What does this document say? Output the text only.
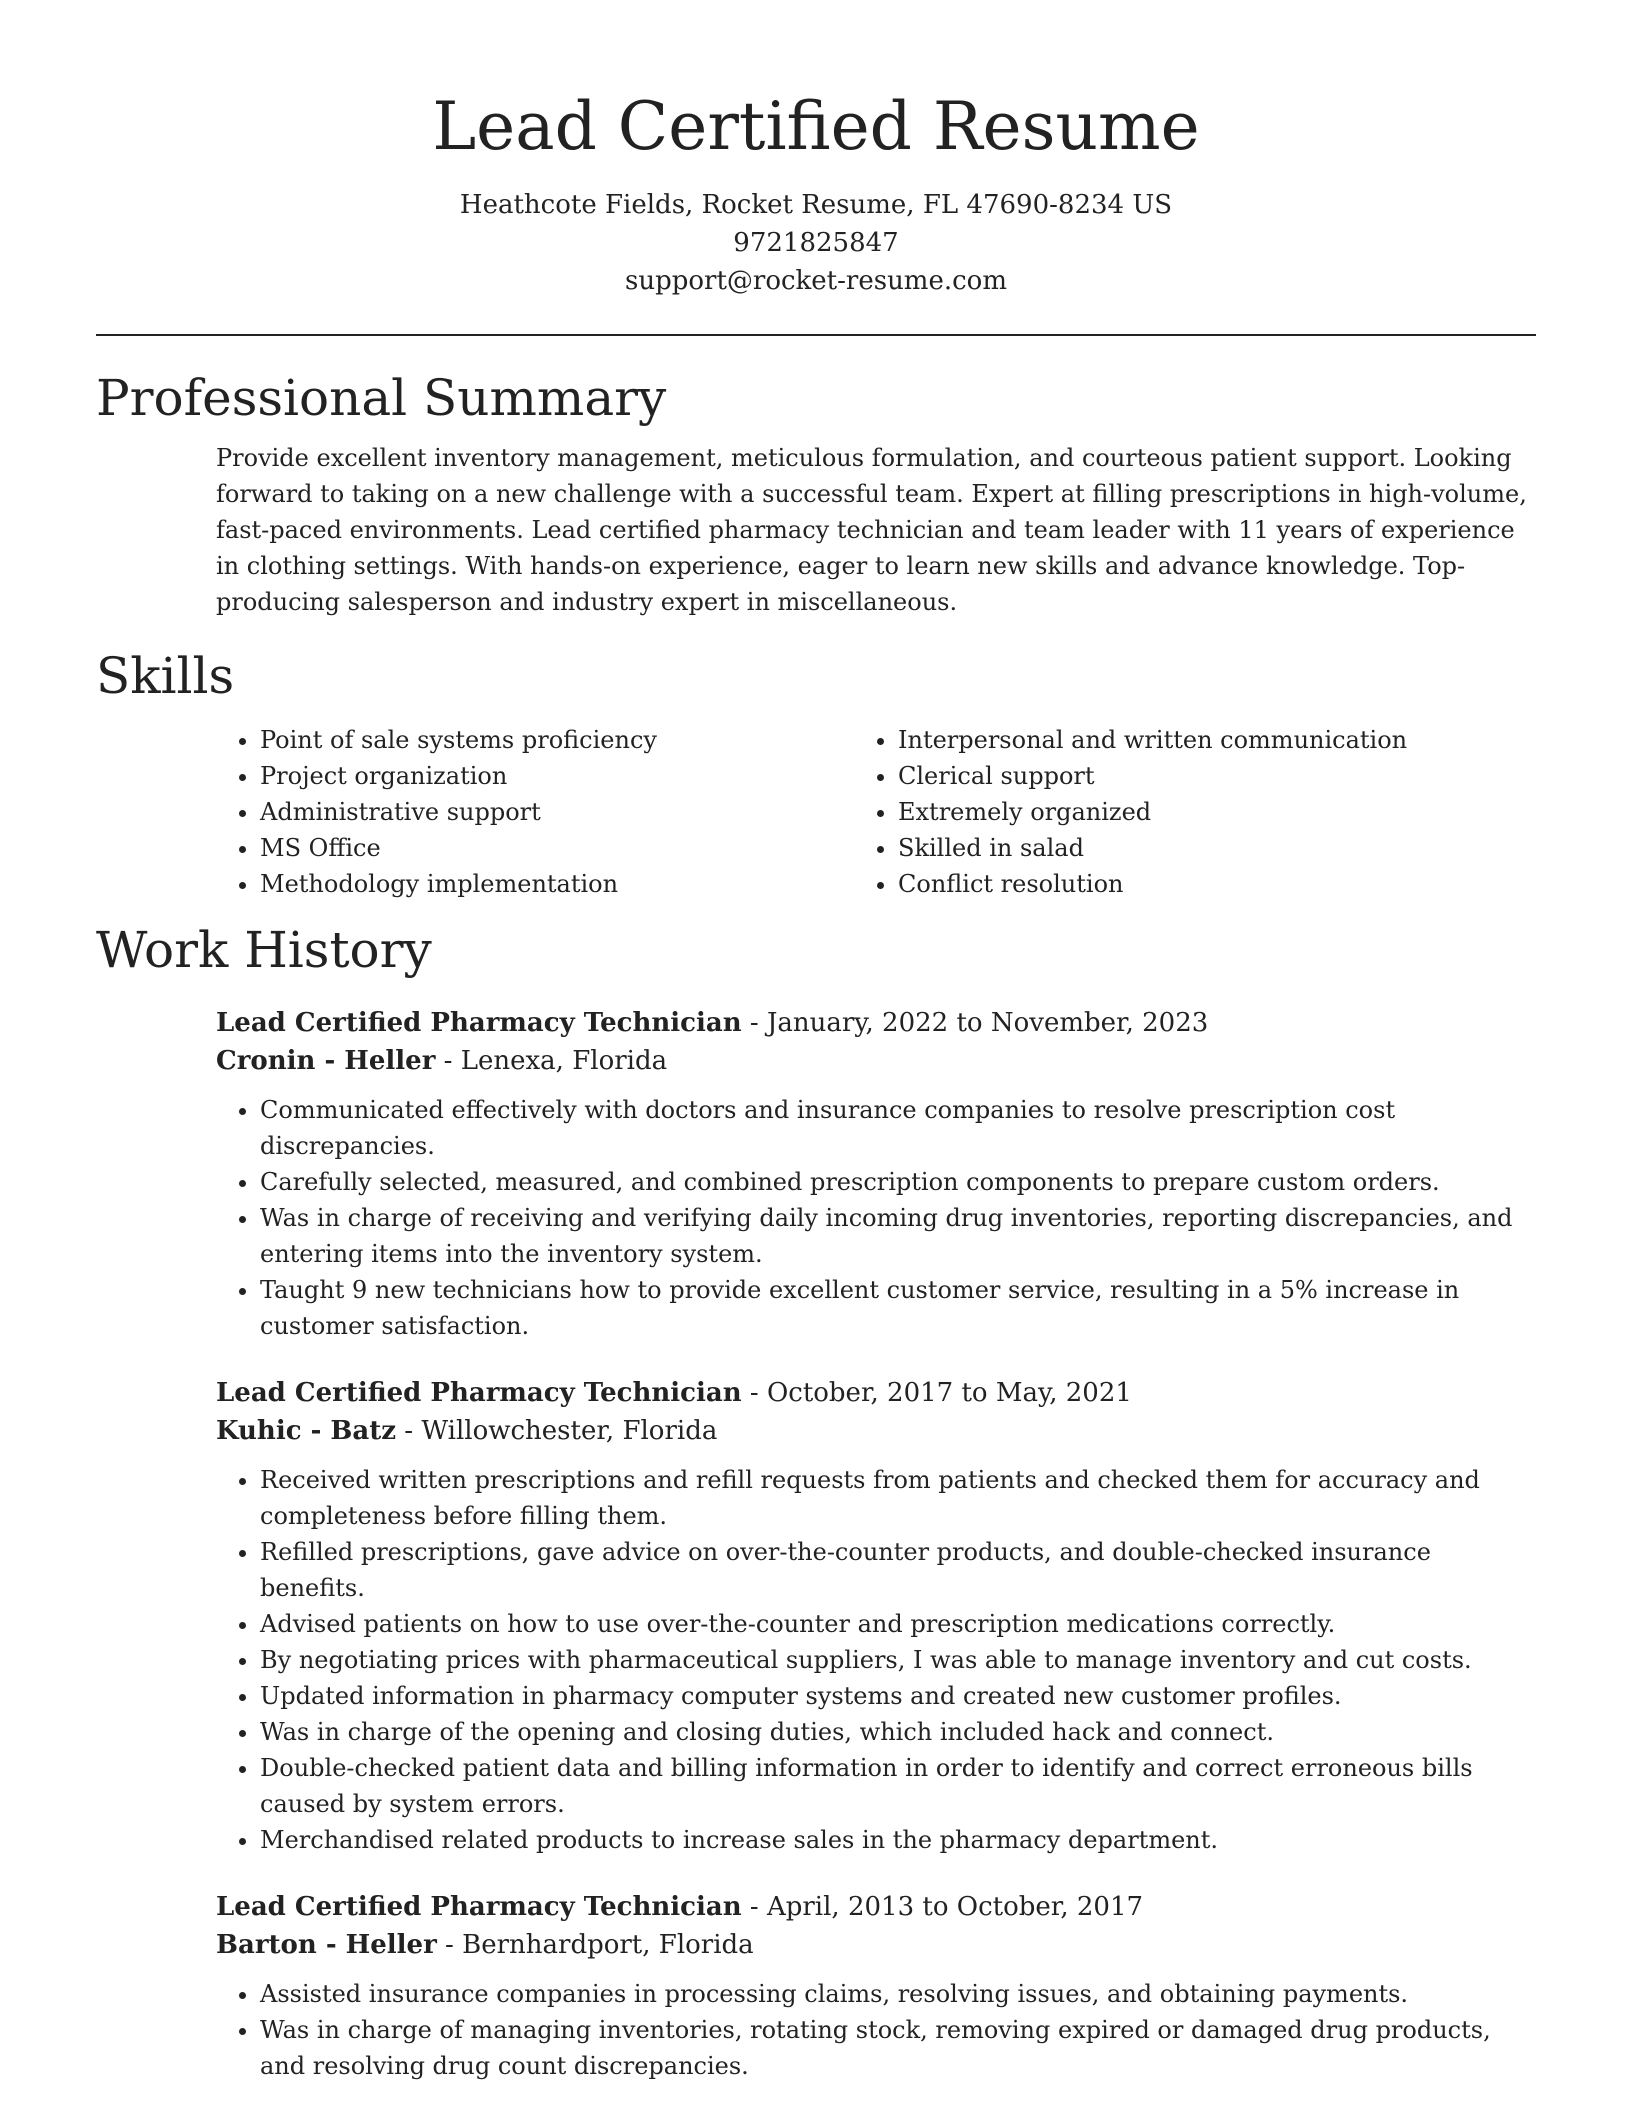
Lead Certified Resume
Heathcote Fields, Rocket Resume, FL 47690-8234 US
9721825847
support@rocket-resume.com
Professional Summary
Provide excellent inventory management, meticulous formulation, and courteous patient support. Looking forward to taking on a new challenge with a successful team. Expert at filling prescriptions in high-volume, fast-paced environments. Lead certified pharmacy technician and team leader with 11 years of experience in clothing settings. With hands-on experience, eager to learn new skills and advance knowledge. Top-producing salesperson and industry expert in miscellaneous.
Skills
• Point of sale systems proficiency
• Project organization
• Administrative support
• MS Office
• Methodology implementation
• Interpersonal and written communication
• Clerical support
• Extremely organized
• Skilled in salad
• Conflict resolution
Work History
Lead Certified Pharmacy Technician - January, 2022 to November, 2023
Cronin - Heller - Lenexa, Florida
• Communicated effectively with doctors and insurance companies to resolve prescription cost discrepancies.
• Carefully selected, measured, and combined prescription components to prepare custom orders.
• Was in charge of receiving and verifying daily incoming drug inventories, reporting discrepancies, and entering items into the inventory system.
• Taught 9 new technicians how to provide excellent customer service, resulting in a 5% increase in customer satisfaction.
Lead Certified Pharmacy Technician - October, 2017 to May, 2021
Kuhic - Batz - Willowchester, Florida
• Received written prescriptions and refill requests from patients and checked them for accuracy and completeness before filling them.
• Refilled prescriptions, gave advice on over-the-counter products, and double-checked insurance benefits.
• Advised patients on how to use over-the-counter and prescription medications correctly.
• By negotiating prices with pharmaceutical suppliers, I was able to manage inventory and cut costs.
• Updated information in pharmacy computer systems and created new customer profiles.
• Was in charge of the opening and closing duties, which included hack and connect.
• Double-checked patient data and billing information in order to identify and correct erroneous bills caused by system errors.
• Merchandised related products to increase sales in the pharmacy department.
Lead Certified Pharmacy Technician - April, 2013 to October, 2017
Barton - Heller - Bernhardport, Florida
• Assisted insurance companies in processing claims, resolving issues, and obtaining payments.
• Was in charge of managing inventories, rotating stock, removing expired or damaged drug products, and resolving drug count discrepancies.
